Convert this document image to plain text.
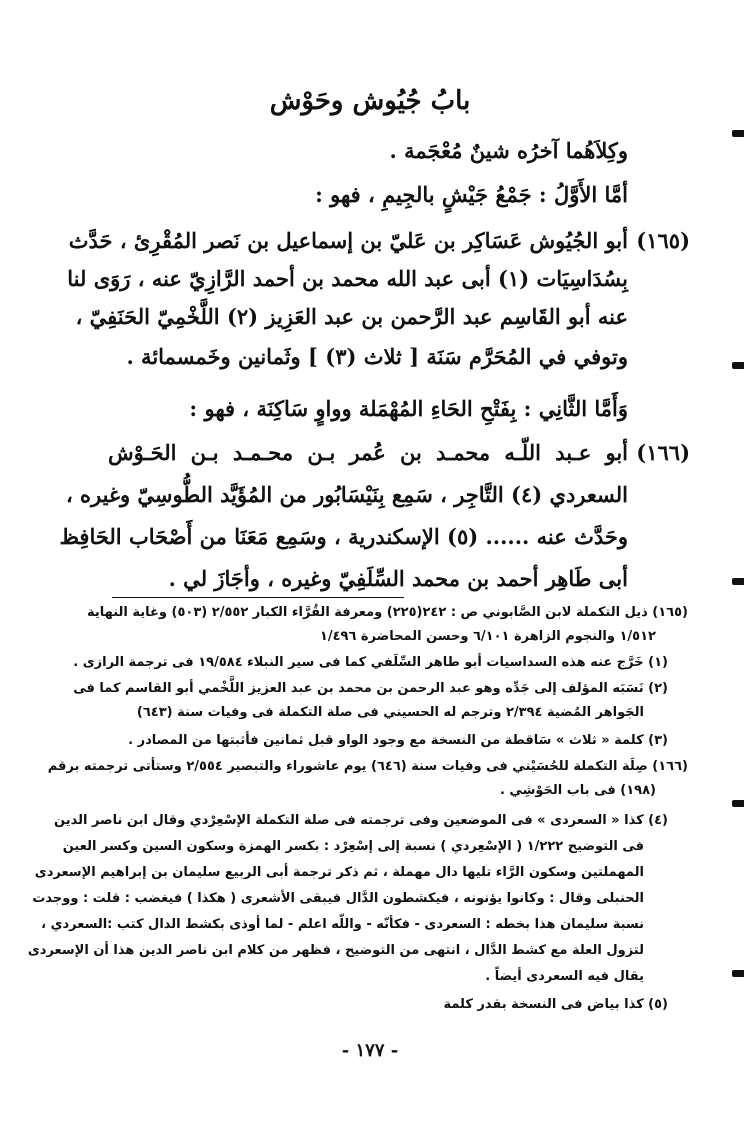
بابُ جُيُوش وحَوْش
وكِلاَهُما آخرُه شينٌ مُعْجَمة .
أمَّا الأَوَّلُ : جَمْعُ جَيْشٍ بالجِيمِ ، فهو :
(١٦٥)
أبو الجُيُوش عَسَاكِر بن عَليّ بن إسماعيل بن نَصر المُقْرِئ ، حَدَّث
بِسُدَاسِيَات (١) أبى عبد الله محمد بن أحمد الرَّازِيّ عنه ، رَوَى لنا
عنه أبو القَاسِم عبد الرَّحمن بن عبد العَزِيز (٢) اللَّخْمِيّ الحَنَفِيّ ،
وتوفي في المُحَرَّم سَنَة [ ثلاث (٣) ] وثَمانين وخَمسمائة .
وَأَمَّا الثَّانِي : بِفَتْحِ الحَاءِ المُهْمَلة وواوٍ سَاكِنَة ، فهو :
(١٦٦)
أبو عـبد اللّـه محمـد بن عُمر بـن محـمـد بـن الحَـوْش
السعردي (٤) التَّاجِر ، سَمِع بِنَيْسَابُور من المُؤَيَّد الطُّوسِيّ وغيره ،
وحَدَّث عنه ...... (٥) الإسكندرية ، وسَمِع مَعَنَا من أَصْحَاب الحَافِظ
أبى طَاهِر أحمد بن محمد السِّلَفِيّ وغيره ، وأجَازَ لي .
(١٦٥) ذيل التكملة لابن الصَّابوني ص : ٢٤٢(٢٢٥) ومعرفة القُرَّاء الكبار ٢/٥٥٢ (٥٠٣) وغاية النهاية
١/٥١٢ والنجوم الزاهرة ٦/١٠١ وحسن المحاضرة ١/٤٩٦
(١) خَرَّج عنه هذه السداسيات أبو طاهر السِّلَفي كما فى سير النبلاء ١٩/٥٨٤ فى ترجمة الرازى .
(٢) نَسَبَه المؤلف إلى جَدِّه وهو عبد الرحمن بن محمد بن عبد العزيز اللَّخْمي أبو القاسم كما فى
الجَواهر المُضية ٢/٣٩٤ وترجم له الحسيني فى صلة التكملة فى وفيات سنة (٦٤٣)
(٣) كلمة « ثلاث » سَاقطة من النسخة مع وجود الواو قبل ثمانين فأثبتها من المصادر .
(١٦٦) صِلَة التكملة للحُسَيْني فى وفيات سنة (٦٤٦) يوم عاشوراء والتبصير ٢/٥٥٤ وستأتى ترجمته برقم
(١٩٨) فى باب الحَوْشِي .
(٤) كذا « السعردى » فى الموضعين وفى ترجمته فى صلة التكملة الإسْعِرْدي وقال ابن ناصر الدين
فى التوضيح ١/٢٢٢ ( الإسْعِردي ) نسبة إلى إسْعِرْد : بكسر الهمزة وسكون السين وكسر العين
المهملتين وسكون الرَّاء تليها دال مهملة ، ثم ذكر ترجمة أبى الربيع سليمان بن إبراهيم الإسعردى
الحنبلى وقال : وكانوا يؤنونه ، فيكشطون الدَّال فيبقى الأشعرى ( هكذا ) فيغضب : قلت : ووجدت
نسبة سليمان هذا بخطه : السعردى - فكأنّه - واللّه اعلم - لما أوذى بكشط الدال كتب :السعردي ،
لتزول العلة مع كشط الدَّال ، انتهى من التوضيح ، فظهر من كلام ابن ناصر الدين هذا أن الإسعردى
يقال فيه السعردى أيضاً .
(٥) كذا بياض فى النسخة بقدر كلمة
- ١٧٧ -
